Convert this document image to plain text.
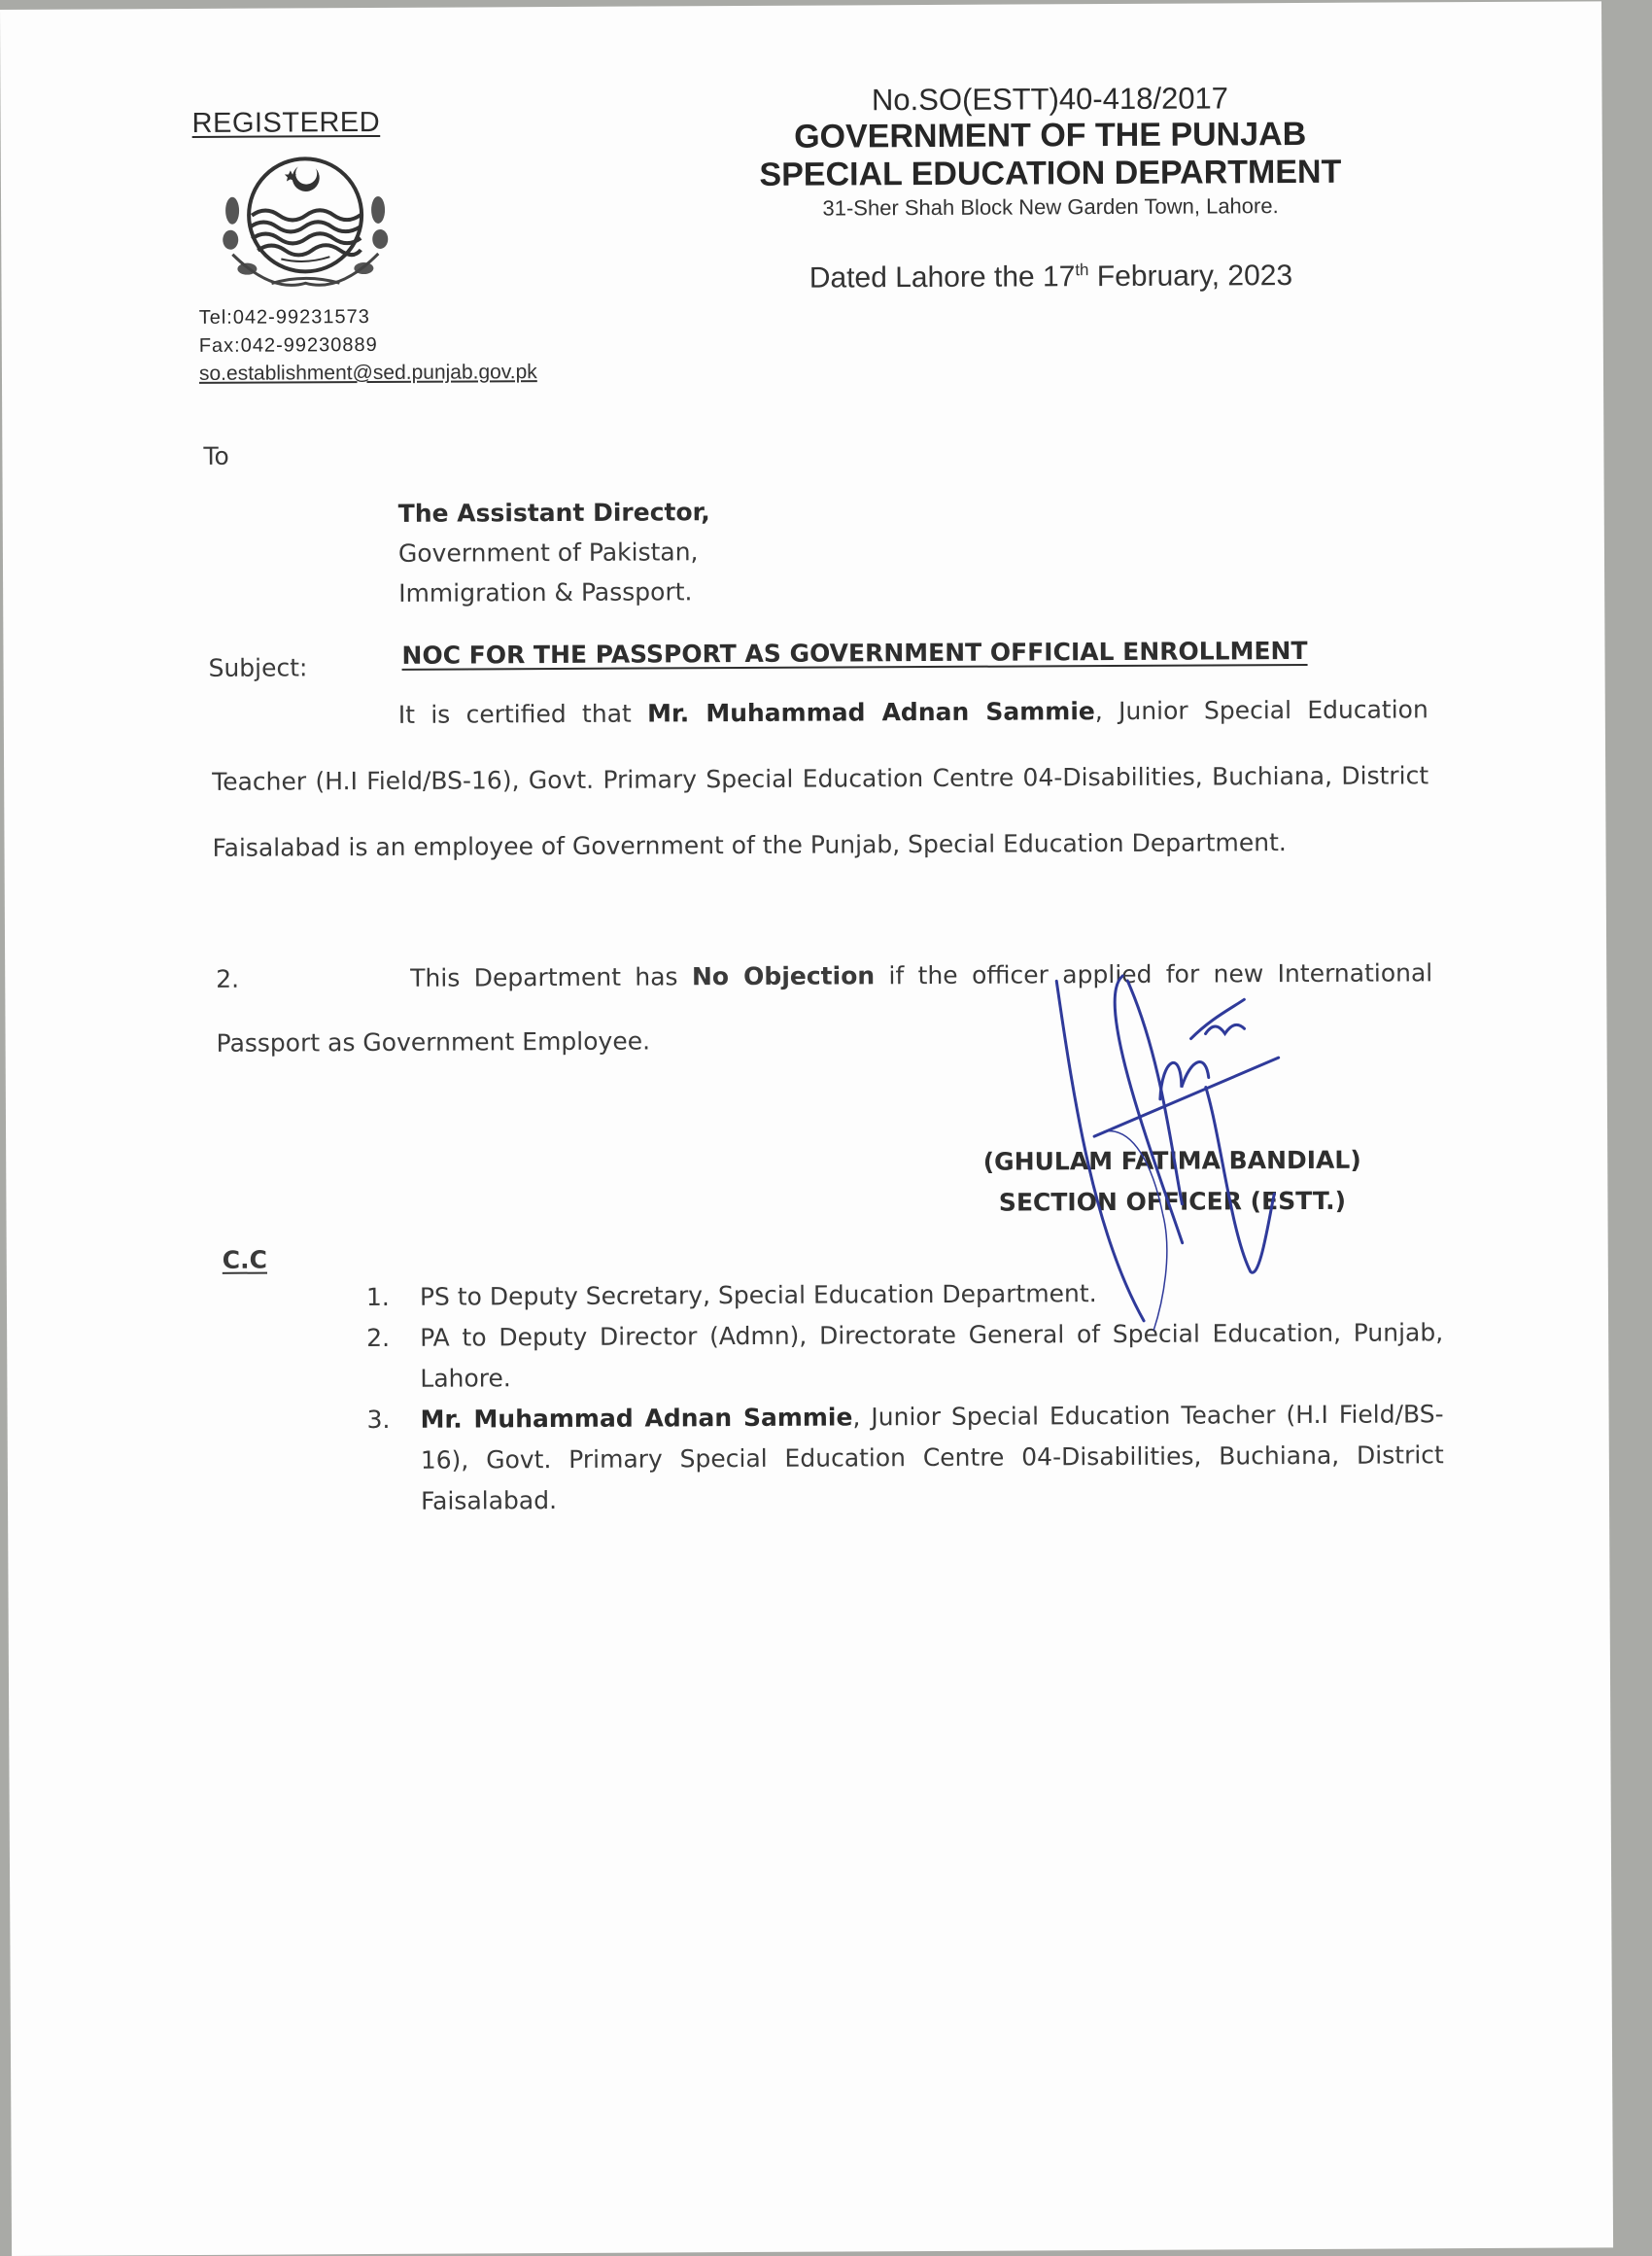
REGISTERED
Tel:042-99231573
Fax:042-99230889
so.establishment@sed.punjab.gov.pk
No.SO(ESTT)40-418/2017
GOVERNMENT OF THE PUNJAB
SPECIAL EDUCATION DEPARTMENT
31-Sher Shah Block New Garden Town, Lahore.
Dated Lahore the 17th February, 2023
To
The Assistant Director,
Government of Pakistan,
Immigration & Passport.
Subject:	NOC FOR THE PASSPORT AS GOVERNMENT OFFICIAL ENROLLMENT
It is certified that Mr. Muhammad Adnan Sammie, Junior Special Education Teacher (H.I Field/BS-16), Govt. Primary Special Education Centre 04-Disabilities, Buchiana, District Faisalabad is an employee of Government of the Punjab, Special Education Department.
2.	This Department has No Objection if the officer applied for new International Passport as Government Employee.
(GHULAM FATIMA BANDIAL)
SECTION OFFICER (ESTT.)
C.C
1.	PS to Deputy Secretary, Special Education Department.
2.	PA to Deputy Director (Admn), Directorate General of Special Education, Punjab, Lahore.
3.	Mr. Muhammad Adnan Sammie, Junior Special Education Teacher (H.I Field/BS-16), Govt. Primary Special Education Centre 04-Disabilities, Buchiana, District Faisalabad.
